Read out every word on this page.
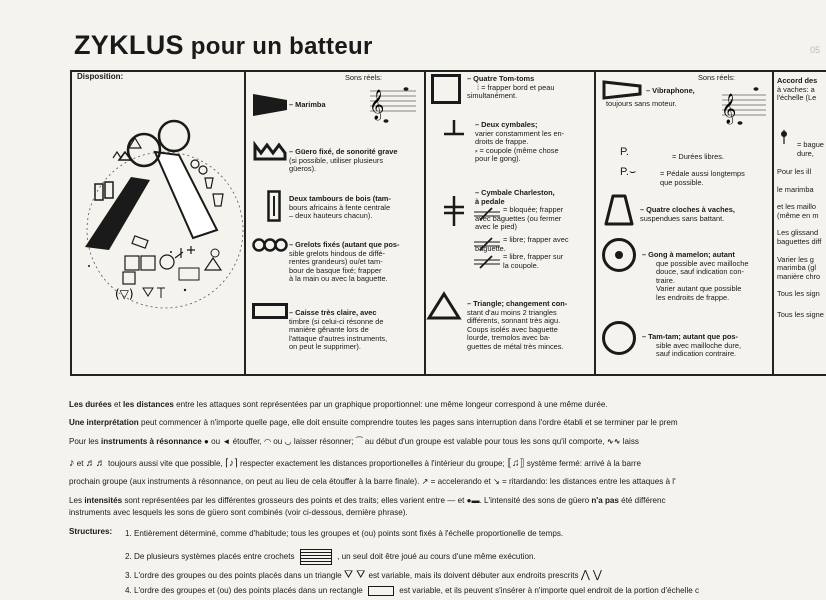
ZYKLUS pour un batteur
Disposition:
(▽)
Sons réels:
𝄞
– Marimba
– Güero fixé, de sonorité grave
(si possible, utiliser plusieurs
güeros).
Deux tambours de bois (tam-
bours africains à fente centrale
– deux hauteurs chacun).
– Grelots fixés (autant que pos-
sible grelots hindous de diffé-
rentes grandeurs) ou/et tam-
bour de basque fixé; frapper
à la main ou avec la baguette.
– Caisse très claire, avec
timbre (si celui-ci résonne de
manière gênante lors de
l'attaque d'autres instruments,
on peut le supprimer).
– Quatre Tom-toms
⁞ = frapper bord et peau
simultanément.
– Deux cymbales;
varier constamment les en-
droits de frappe.
⸗ = coupole (même chose
pour le gong).
– Cymbale Charleston,
à pedale
= bloquée; frapper
avec baguettes (ou fermer
avec le pied)
= libre; frapper avec
baguette.
= libre, frapper sur
la coupole.
– Triangle; changement con-
stant d'au moins 2 triangles
différents, sonnant très aigu.
Coups isolés avec baguette
lourde, tremolos avec ba-
guettes de métal très minces.
Sons réels:
𝄞
– Vibraphone,
toujours sans moteur.
P.	= Durées libres.
P.⌣	= Pédale aussi longtemps
que possible.
– Quatre cloches à vaches,
suspendues sans battant.
– Gong à mamelon; autant
que possible avec mailloche
douce, sauf indication con-
traire.
Varier autant que possible
les endroits de frappe.
– Tam-tam; autant que pos-
sible avec mailloche dure,
sauf indication contraire.
Accord des
à vaches: a
l'échelle (Le
= bague
dure,
Pour les ill
le marimba
et les maillo
(même en m
Les glissand
baguettes diff
Varier les g
marimba (gl
manière chro
Tous les sign
Tous les signe
Les durées et les distances entre les attaques sont représentées par un graphique proportionnel: une même longeur correspond à une même durée.
Une interprétation peut commencer à n'importe quelle page, elle doit ensuite comprendre toutes les pages sans interruption dans l'ordre établi et se terminer par le prem
Pour les instruments à résonnance ● ou ◄ étouffer, ◠ ou ◡ laisser résonner; ⁀ au début d'un groupe est valable pour tous les sons qu'il comporte, ∿∿ laiss
♪ et ♬♬ toujours aussi vite que possible, ⌈♪⌉ respecter exactement les distances proportionelles à l'intérieur du groupe; ⟦♫⟧ système fermé: arrivé à la barre
prochain groupe (aux instruments à résonnance, on peut au lieu de cela étouffer à la barre finale). ↗ = accelerando et ↘ = ritardando: les distances entre les attaques à l'
Les intensités sont représentées par les différentes grosseurs des points et des traits; elles varient entre — et ●▬. L'intensité des sons de güero n'a pas été différenc
instruments avec lesquels les sons de güero sont combinés (voir ci-dessous, dernière phrase).
Structures: 1. Entièrement déterminé, comme d'habitude; tous les groupes et (ou) points sont fixés à l'échelle proportionelle de temps.
2. De plusieurs systèmes placés entre crochets	, un seul doit être joué au cours d'une même exécution.
3. L'ordre des groupes ou des points placés dans un triangle ⛛ ⛛ est variable, mais ils doivent débuter aux endroits prescrits ⋀ ⋁
4. L'ordre des groupes et (ou) des points placés dans un rectangle	est variable, et ils peuvent s'insérer à n'importe quel endroit de la portion d'échelle c
05
